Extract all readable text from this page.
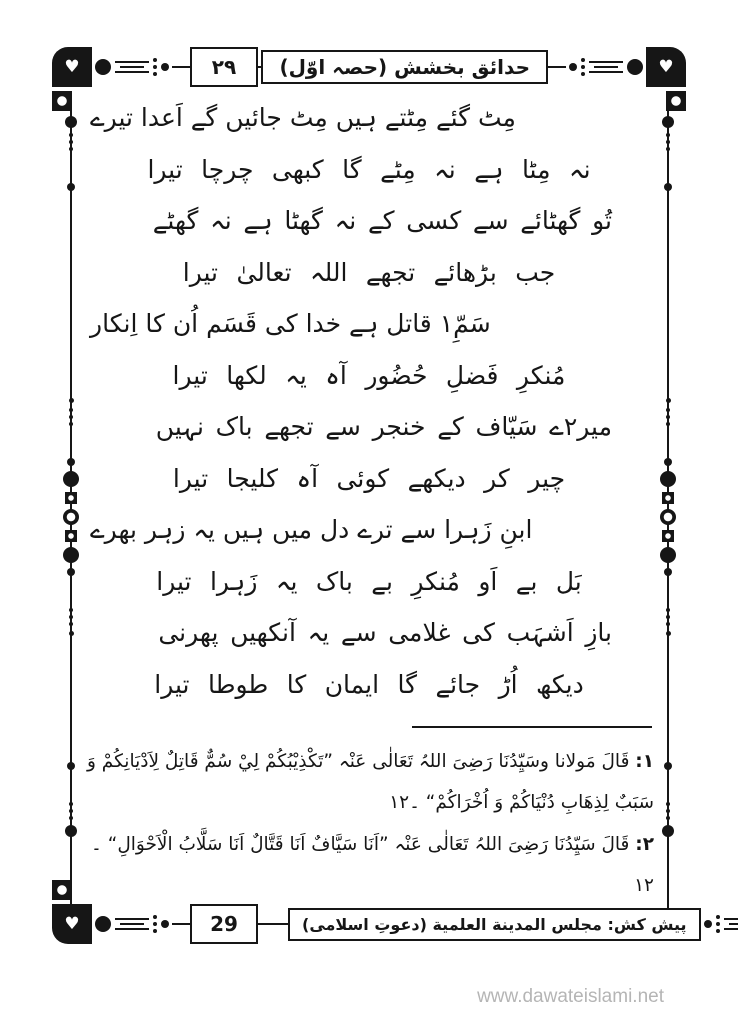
♥	۲۹	حدائق بخشش (حصہ اوّل)	♥
مِٹ گئے مِٹتے ہیں مِٹ جائیں گے اَعدا تیرے
نہ مِٹا ہے نہ مِٹے گا کبھی چرچا تیرا
تُو گھٹائے سے کسی کے نہ گھٹا ہے نہ گھٹے
جب بڑھائے تجھے اللہ تعالیٰ تیرا
سَمِّ۱ قاتل ہے خدا کی قَسَم اُن کا اِنکار
مُنکرِ فَضلِ حُضُور آہ یہ لکھا تیرا
میر۲ے سَیّاف کے خنجر سے تجھے باک نہیں
چیر کر دیکھے کوئی آہ کلیجا تیرا
ابنِ زَہرا سے ترے دل میں ہیں یہ زہر بھرے
بَل بے اَو مُنکرِ بے باک یہ زَہرا تیرا
بازِ اَشہَب کی غلامی سے یہ آنکھیں پھرنی
دیکھ اُڑ جائے گا ایمان کا طوطا تیرا
۱: قَالَ مَولانا وسَیِّدُنَا رَضِیَ اللہُ تَعَالٰی عَنْہ ”تَكْذِيْبُكُمْ لِيْ سُمٌّ قَاتِلٌ لِاَدْيَانِكُمْ وَ سَبَبٌ لِذِهَابِ دُنْيَاكُمْ وَ اُخْرَاكُمْ“ ۔۱۲
۲: قَالَ سَیِّدُنَا رَضِیَ اللہُ تَعَالٰی عَنْہ ”اَنَا سَيَّافٌ اَنَا قَتَّالٌ اَنَا سَلَّابُ الْاَحْوَالِ“ ۔۱۲
♥	29	پیش کش: مجلس المدینة العلمیة (دعوتِ اسلامی)
www.dawateislami.net
